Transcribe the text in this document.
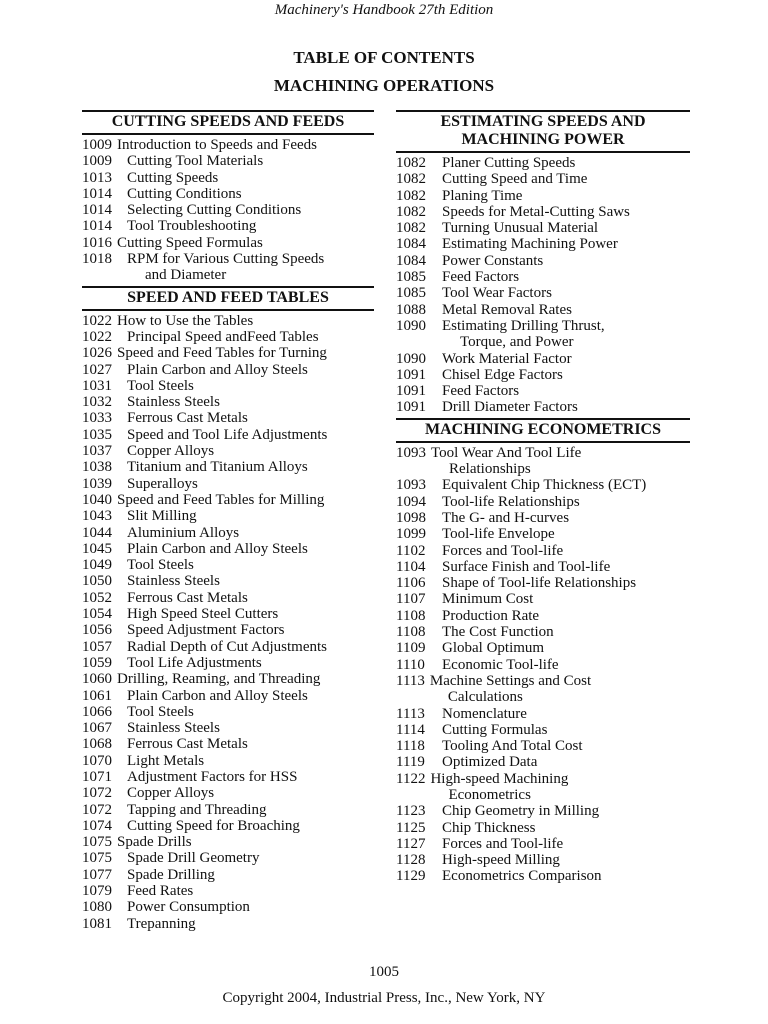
Machinery's Handbook 27th Edition
TABLE OF CONTENTS
MACHINING OPERATIONS
CUTTING SPEEDS AND FEEDS
1009 Introduction to Speeds and Feeds
1009	Cutting Tool Materials
1013	Cutting Speeds
1014	Cutting Conditions
1014	Selecting Cutting Conditions
1014	Tool Troubleshooting
1016 Cutting Speed Formulas
1018	RPM for Various Cutting Speeds
and Diameter
SPEED AND FEED TABLES
1022 How to Use the Tables
1022	Principal Speed andFeed Tables
1026 Speed and Feed Tables for Turning
1027	Plain Carbon and Alloy Steels
1031	Tool Steels
1032	Stainless Steels
1033	Ferrous Cast Metals
1035	Speed and Tool Life Adjustments
1037	Copper Alloys
1038	Titanium and Titanium Alloys
1039	Superalloys
1040 Speed and Feed Tables for Milling
1043	Slit Milling
1044	Aluminium Alloys
1045	Plain Carbon and Alloy Steels
1049	Tool Steels
1050	Stainless Steels
1052	Ferrous Cast Metals
1054	High Speed Steel Cutters
1056	Speed Adjustment Factors
1057	Radial Depth of Cut Adjustments
1059	Tool Life Adjustments
1060 Drilling, Reaming, and Threading
1061	Plain Carbon and Alloy Steels
1066	Tool Steels
1067	Stainless Steels
1068	Ferrous Cast Metals
1070	Light Metals
1071	Adjustment Factors for HSS
1072	Copper Alloys
1072	Tapping and Threading
1074	Cutting Speed for Broaching
1075 Spade Drills
1075	Spade Drill Geometry
1077	Spade Drilling
1079	Feed Rates
1080	Power Consumption
1081	Trepanning
ESTIMATING SPEEDS AND MACHINING POWER
1082	Planer Cutting Speeds
1082	Cutting Speed and Time
1082	Planing Time
1082	Speeds for Metal-Cutting Saws
1082	Turning Unusual Material
1084	Estimating Machining Power
1084	Power Constants
1085	Feed Factors
1085	Tool Wear Factors
1088	Metal Removal Rates
1090	Estimating Drilling Thrust,
Torque, and Power
1090	Work Material Factor
1091	Chisel Edge Factors
1091	Feed Factors
1091	Drill Diameter Factors
MACHINING ECONOMETRICS
1093 Tool Wear And Tool Life
Relationships
1093	Equivalent Chip Thickness (ECT)
1094	Tool-life Relationships
1098	The G- and H-curves
1099	Tool-life Envelope
1102	Forces and Tool-life
1104	Surface Finish and Tool-life
1106	Shape of Tool-life Relationships
1107	Minimum Cost
1108	Production Rate
1108	The Cost Function
1109	Global Optimum
1110	Economic Tool-life
1113 Machine Settings and Cost
Calculations
1113	Nomenclature
1114	Cutting Formulas
1118	Tooling And Total Cost
1119	Optimized Data
1122 High-speed Machining
Econometrics
1123	Chip Geometry in Milling
1125	Chip Thickness
1127	Forces and Tool-life
1128	High-speed Milling
1129	Econometrics Comparison
1005
Copyright 2004, Industrial Press, Inc., New York, NY
